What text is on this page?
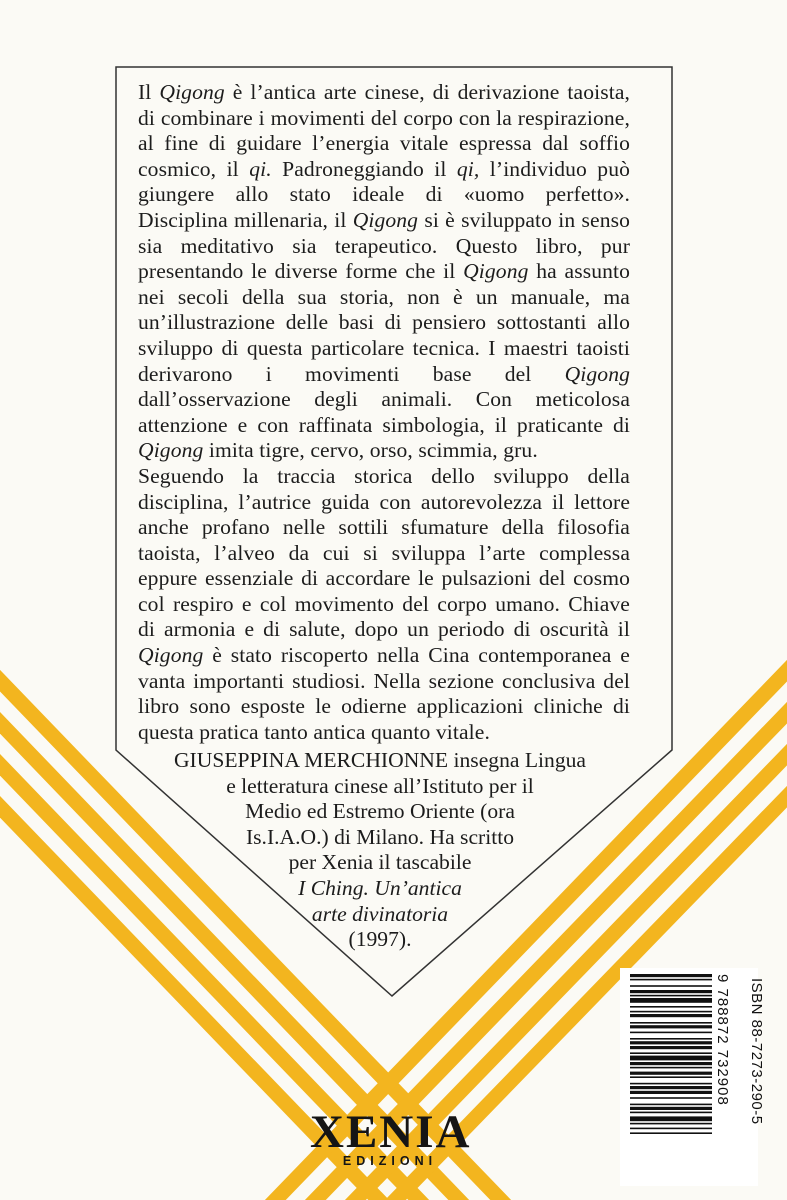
Il Qigong è l’antica arte cinese, di derivazione taoista, di combinare i movimenti del corpo con la respirazione, al fine di guidare l’energia vitale espressa dal soffio cosmico, il qi. Padroneggiando il qi, l’individuo può giungere allo stato ideale di «uomo perfetto». Disciplina millenaria, il Qigong si è sviluppato in senso sia meditativo sia terapeutico. Questo libro, pur presentando le diverse forme che il Qigong ha assunto nei secoli della sua storia, non è un manuale, ma un’illustrazione delle basi di pensiero sottostanti allo sviluppo di questa particolare tecnica. I maestri taoisti derivarono i movimenti base del Qigong dall’osservazione degli animali. Con meticolosa attenzione e con raffinata simbologia, il praticante di Qigong imita tigre, cervo, orso, scimmia, gru.

Seguendo la traccia storica dello sviluppo della disciplina, l’autrice guida con autorevolezza il lettore anche profano nelle sottili sfumature della filosofia taoista, l’alveo da cui si sviluppa l’arte complessa eppure essenziale di accordare le pulsazioni del cosmo col respiro e col movimento del corpo umano. Chiave di armonia e di salute, dopo un periodo di oscurità il Qigong è stato riscoperto nella Cina contemporanea e vanta importanti studiosi. Nella sezione conclusiva del libro sono esposte le odierne applicazioni cliniche di questa pratica tanto antica quanto vitale.

GIUSEPPINA MERCHIONNE insegna Lingua
e letteratura cinese all’Istituto per il
Medio ed Estremo Oriente (ora
Is.I.A.O.) di Milano. Ha scritto
per Xenia il tascabile
I Ching. Un’antica
arte divinatoria
(1997).
9 788872 732908 ISBN 88-7273-290-5
XENIA
EDIZIONI
